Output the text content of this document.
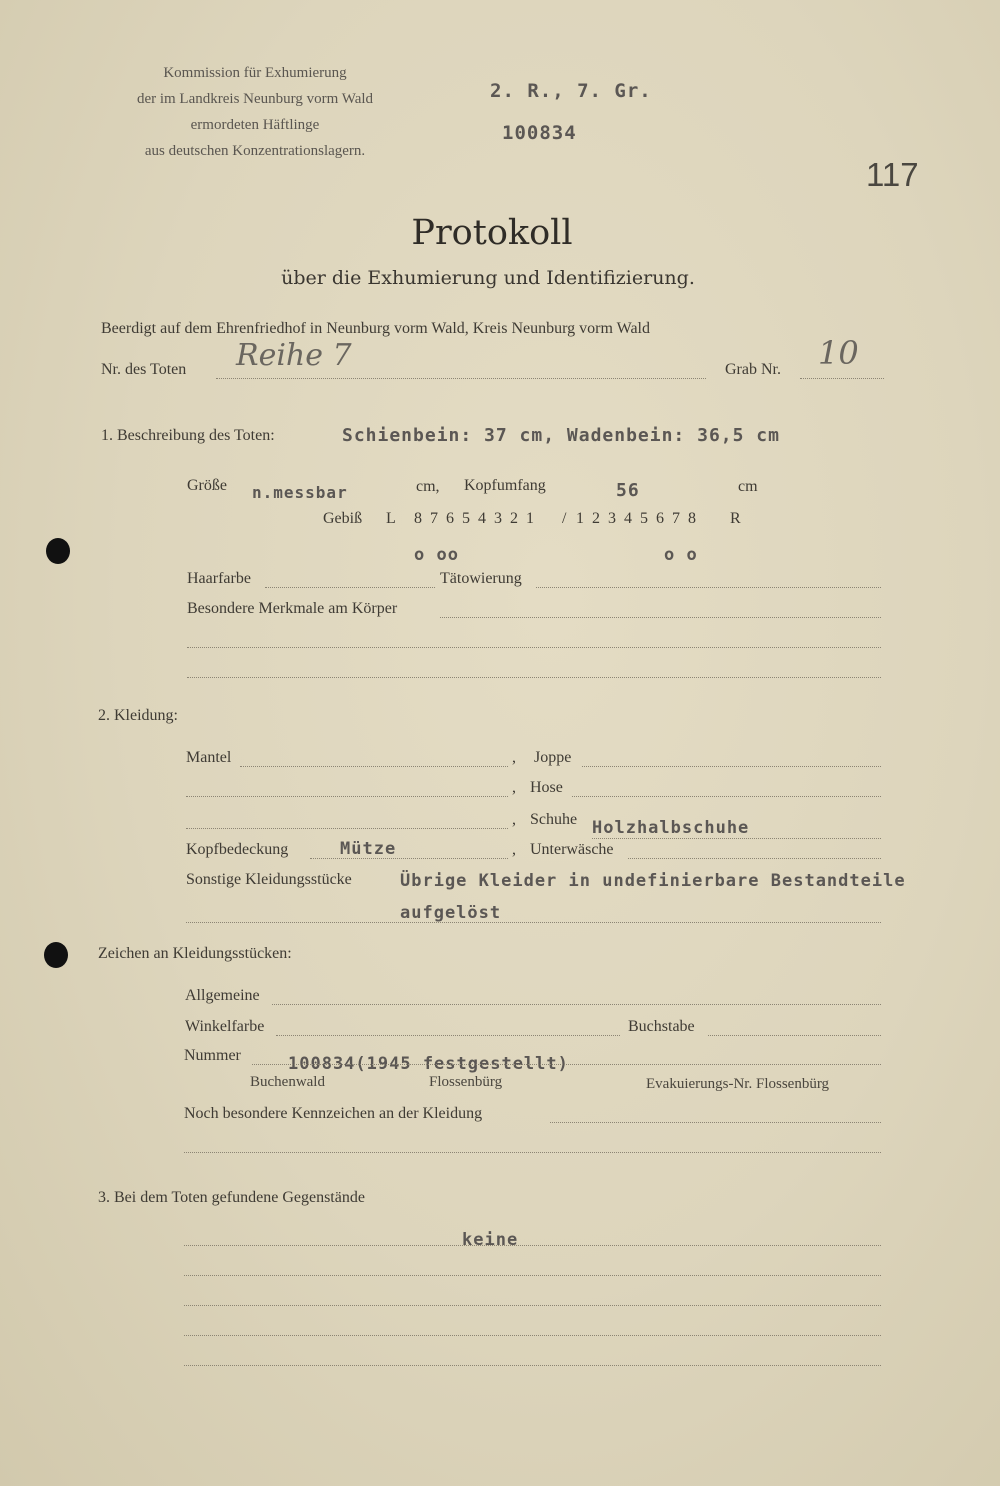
Kommission für Exhumierung
der im Landkreis Neunburg vorm Wald
ermordeten Häftlinge
aus deutschen Konzentrationslagern.
2. R., 7. Gr.
100834
117
Protokoll
über die Exhumierung und Identifizierung.
Beerdigt auf dem Ehrenfriedhof in Neunburg vorm Wald, Kreis Neunburg vorm Wald
Nr. des Toten Reihe 7	Grab Nr. 10
1. Beschreibung des Toten:	Schienbein: 37 cm, Wadenbein: 36,5 cm
Größe n.messbar	cm, Kopfumfang	56	cm
Gebiß L 8 7 6 5 4 3 2 1 / 1 2 3 4 5 6 7 8 R
o oo	o o
Haarfarbe	Tätowierung
Besondere Merkmale am Körper
2. Kleidung:
Mantel	, Joppe
, Hose
, Schuhe Holzhalbschuhe
Kopfbedeckung	Mütze	, Unterwäsche
Sonstige Kleidungsstücke	Übrige Kleider in undefinierbare Bestandteile
aufgelöst
Zeichen an Kleidungsstücken:
Allgemeine
Winkelfarbe	Buchstabe
Nummer	100834(1945 festgestellt)
Buchenwald	Flossenbürg	Evakuierungs-Nr. Flossenbürg
Noch besondere Kennzeichen an der Kleidung
3. Bei dem Toten gefundene Gegenstände
keine
